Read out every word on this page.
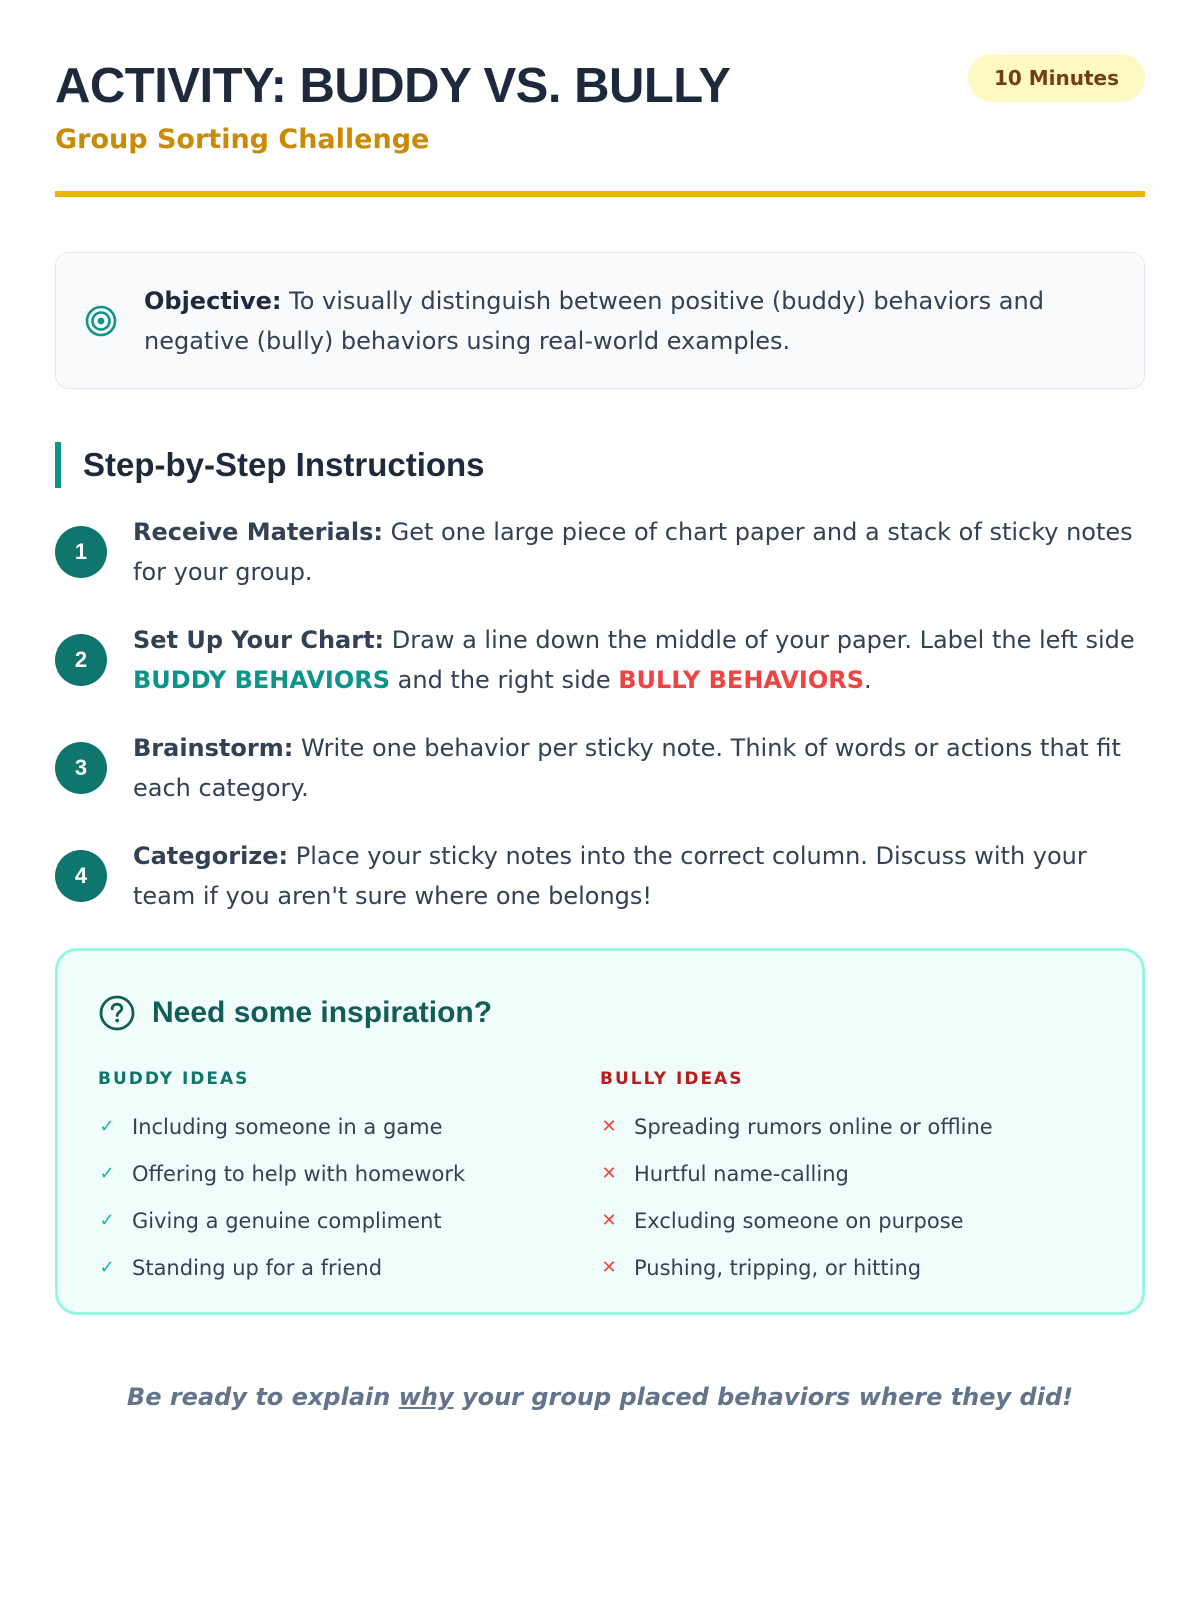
ACTIVITY: BUDDY VS. BULLY
Group Sorting Challenge
10 Minutes
Objective: To visually distinguish between positive (buddy) behaviors and negative (bully) behaviors using real-world examples.
Step-by-Step Instructions
1
Receive Materials: Get one large piece of chart paper and a stack of sticky notes for your group.
2
Set Up Your Chart: Draw a line down the middle of your paper. Label the left side BUDDY BEHAVIORS and the right side BULLY BEHAVIORS.
3
Brainstorm: Write one behavior per sticky note. Think of words or actions that fit each category.
4
Categorize: Place your sticky notes into the correct column. Discuss with your team if you aren't sure where one belongs!
Need some inspiration?
BUDDY IDEAS
✓ Including someone in a game
✓ Offering to help with homework
✓ Giving a genuine compliment
✓ Standing up for a friend
BULLY IDEAS
✕ Spreading rumors online or offline
✕ Hurtful name-calling
✕ Excluding someone on purpose
✕ Pushing, tripping, or hitting
Be ready to explain why your group placed behaviors where they did!
